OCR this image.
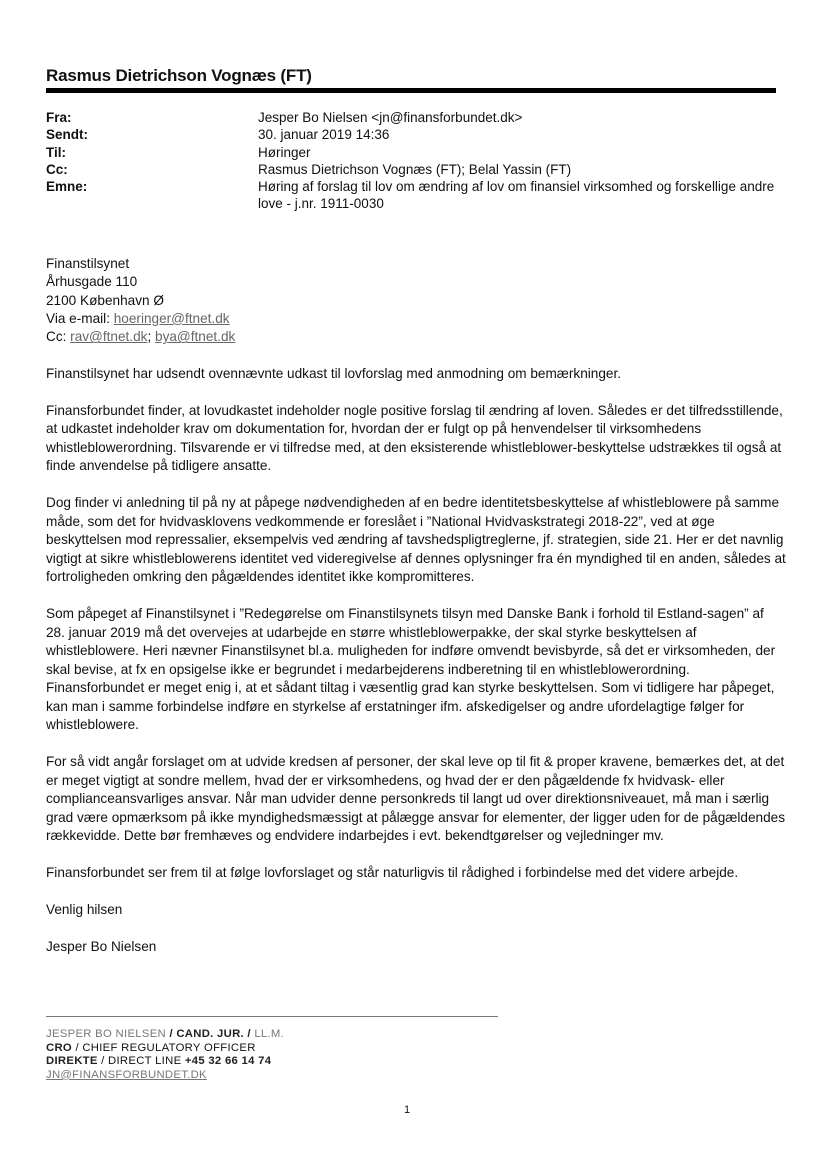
Rasmus Dietrichson Vognæs (FT)
Fra:	Jesper Bo Nielsen <jn@finansforbundet.dk>
Sendt:	30. januar 2019 14:36
Til:	Høringer
Cc:	Rasmus Dietrichson Vognæs (FT); Belal Yassin (FT)
Emne:	Høring af forslag til lov om ændring af lov om finansiel virksomhed og forskellige andre love - j.nr. 1911-0030
Finanstilsynet
Århusgade 110
2100 København Ø
Via e-mail: hoeringer@ftnet.dk
Cc: rav@ftnet.dk; bya@ftnet.dk

Finanstilsynet har udsendt ovennævnte udkast til lovforslag med anmodning om bemærkninger.

Finansforbundet finder, at lovudkastet indeholder nogle positive forslag til ændring af loven. Således er det tilfredsstillende, at udkastet indeholder krav om dokumentation for, hvordan der er fulgt op på henvendelser til virksomhedens whistleblowerordning. Tilsvarende er vi tilfredse med, at den eksisterende whistleblower-beskyttelse udstrækkes til også at finde anvendelse på tidligere ansatte.

Dog finder vi anledning til på ny at påpege nødvendigheden af en bedre identitetsbeskyttelse af whistleblowere på samme måde, som det for hvidvasklovens vedkommende er foreslået i ”National Hvidvaskstrategi 2018-22”, ved at øge beskyttelsen mod repressalier, eksempelvis ved ændring af tavshedspligtreglerne, jf. strategien, side 21. Her er det navnlig vigtigt at sikre whistleblowerens identitet ved videregivelse af dennes oplysninger fra én myndighed til en anden, således at fortroligheden omkring den pågældendes identitet ikke kompromitteres.

Som påpeget af Finanstilsynet i ”Redegørelse om Finanstilsynets tilsyn med Danske Bank i forhold til Estland-sagen” af 28. januar 2019 må det overvejes at udarbejde en større whistleblowerpakke, der skal styrke beskyttelsen af whistleblowere. Heri nævner Finanstilsynet bl.a. muligheden for indføre omvendt bevisbyrde, så det er virksomheden, der skal bevise, at fx en opsigelse ikke er begrundet i medarbejderens indberetning til en whistleblowerordning. Finansforbundet er meget enig i, at et sådant tiltag i væsentlig grad kan styrke beskyttelsen. Som vi tidligere har påpeget, kan man i samme forbindelse indføre en styrkelse af erstatninger ifm. afskedigelser og andre ufordelagtige følger for whistleblowere.

For så vidt angår forslaget om at udvide kredsen af personer, der skal leve op til fit & proper kravene, bemærkes det, at det er meget vigtigt at sondre mellem, hvad der er virksomhedens, og hvad der er den pågældende fx hvidvask- eller complianceansvarliges ansvar. Når man udvider denne personkreds til langt ud over direktionsniveauet, må man i særlig grad være opmærksom på ikke myndighedsmæssigt at pålægge ansvar for elementer, der ligger uden for de pågældendes rækkevidde. Dette bør fremhæves og endvidere indarbejdes i evt. bekendtgørelser og vejledninger mv.

Finansforbundet ser frem til at følge lovforslaget og står naturligvis til rådighed i forbindelse med det videre arbejde.

Venlig hilsen

Jesper Bo Nielsen

JESPER BO NIELSEN / CAND. JUR. / LL.M.
CRO / CHIEF REGULATORY OFFICER
DIREKTE / DIRECT LINE +45 32 66 14 74
JN@FINANSFORBUNDET.DK
1
